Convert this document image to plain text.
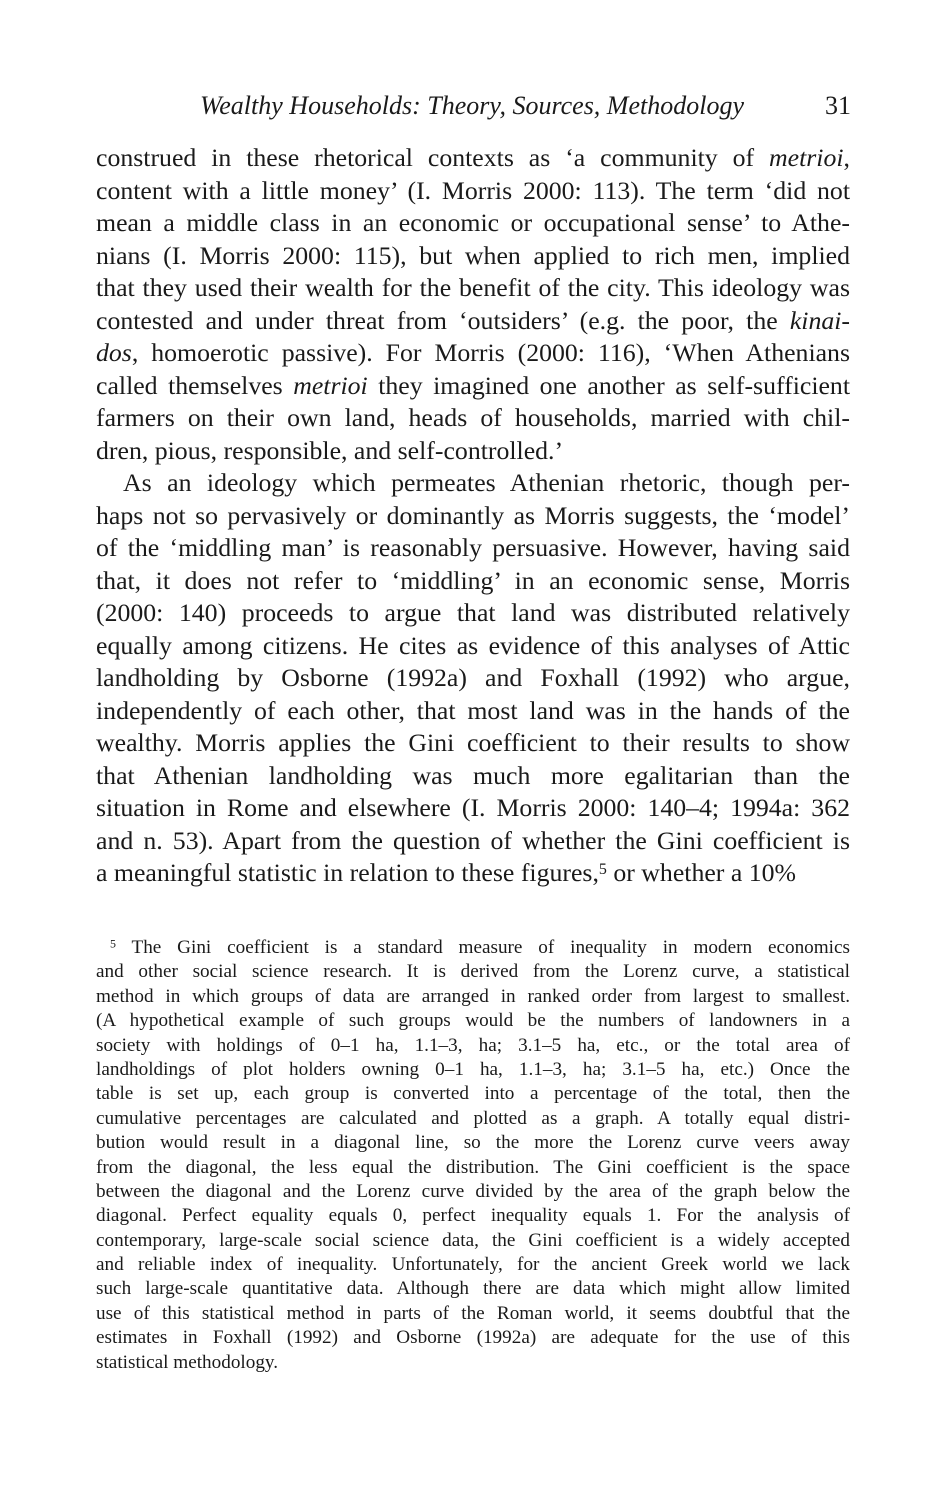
Wealthy Households: Theory, Sources, Methodology	31
construed in these rhetorical contexts as ‘a community of metrioi,
content with a little money’ (I. Morris 2000: 113). The term ‘did not
mean a middle class in an economic or occupational sense’ to Athe-
nians (I. Morris 2000: 115), but when applied to rich men, implied
that they used their wealth for the benefit of the city. This ideology was
contested and under threat from ‘outsiders’ (e.g. the poor, the kinai-
dos, homoerotic passive). For Morris (2000: 116), ‘When Athenians
called themselves metrioi they imagined one another as self-sufficient
farmers on their own land, heads of households, married with chil-
dren, pious, responsible, and self-controlled.’
As an ideology which permeates Athenian rhetoric, though per-
haps not so pervasively or dominantly as Morris suggests, the ‘model’
of the ‘middling man’ is reasonably persuasive. However, having said
that, it does not refer to ‘middling’ in an economic sense, Morris
(2000: 140) proceeds to argue that land was distributed relatively
equally among citizens. He cites as evidence of this analyses of Attic
landholding by Osborne (1992a) and Foxhall (1992) who argue,
independently of each other, that most land was in the hands of the
wealthy. Morris applies the Gini coefficient to their results to show
that Athenian landholding was much more egalitarian than the
situation in Rome and elsewhere (I. Morris 2000: 140–4; 1994a: 362
and n. 53). Apart from the question of whether the Gini coefficient is
a meaningful statistic in relation to these figures,$^5$ or whether a 10%
$^5$ The Gini coefficient is a standard measure of inequality in modern economics
and other social science research. It is derived from the Lorenz curve, a statistical
method in which groups of data are arranged in ranked order from largest to smallest.
(A hypothetical example of such groups would be the numbers of landowners in a
society with holdings of 0–1 ha, 1.1–3, ha; 3.1–5 ha, etc., or the total area of
landholdings of plot holders owning 0–1 ha, 1.1–3, ha; 3.1–5 ha, etc.) Once the
table is set up, each group is converted into a percentage of the total, then the
cumulative percentages are calculated and plotted as a graph. A totally equal distri-
bution would result in a diagonal line, so the more the Lorenz curve veers away
from the diagonal, the less equal the distribution. The Gini coefficient is the space
between the diagonal and the Lorenz curve divided by the area of the graph below the
diagonal. Perfect equality equals 0, perfect inequality equals 1. For the analysis of
contemporary, large-scale social science data, the Gini coefficient is a widely accepted
and reliable index of inequality. Unfortunately, for the ancient Greek world we lack
such large-scale quantitative data. Although there are data which might allow limited
use of this statistical method in parts of the Roman world, it seems doubtful that the
estimates in Foxhall (1992) and Osborne (1992a) are adequate for the use of this
statistical methodology.
